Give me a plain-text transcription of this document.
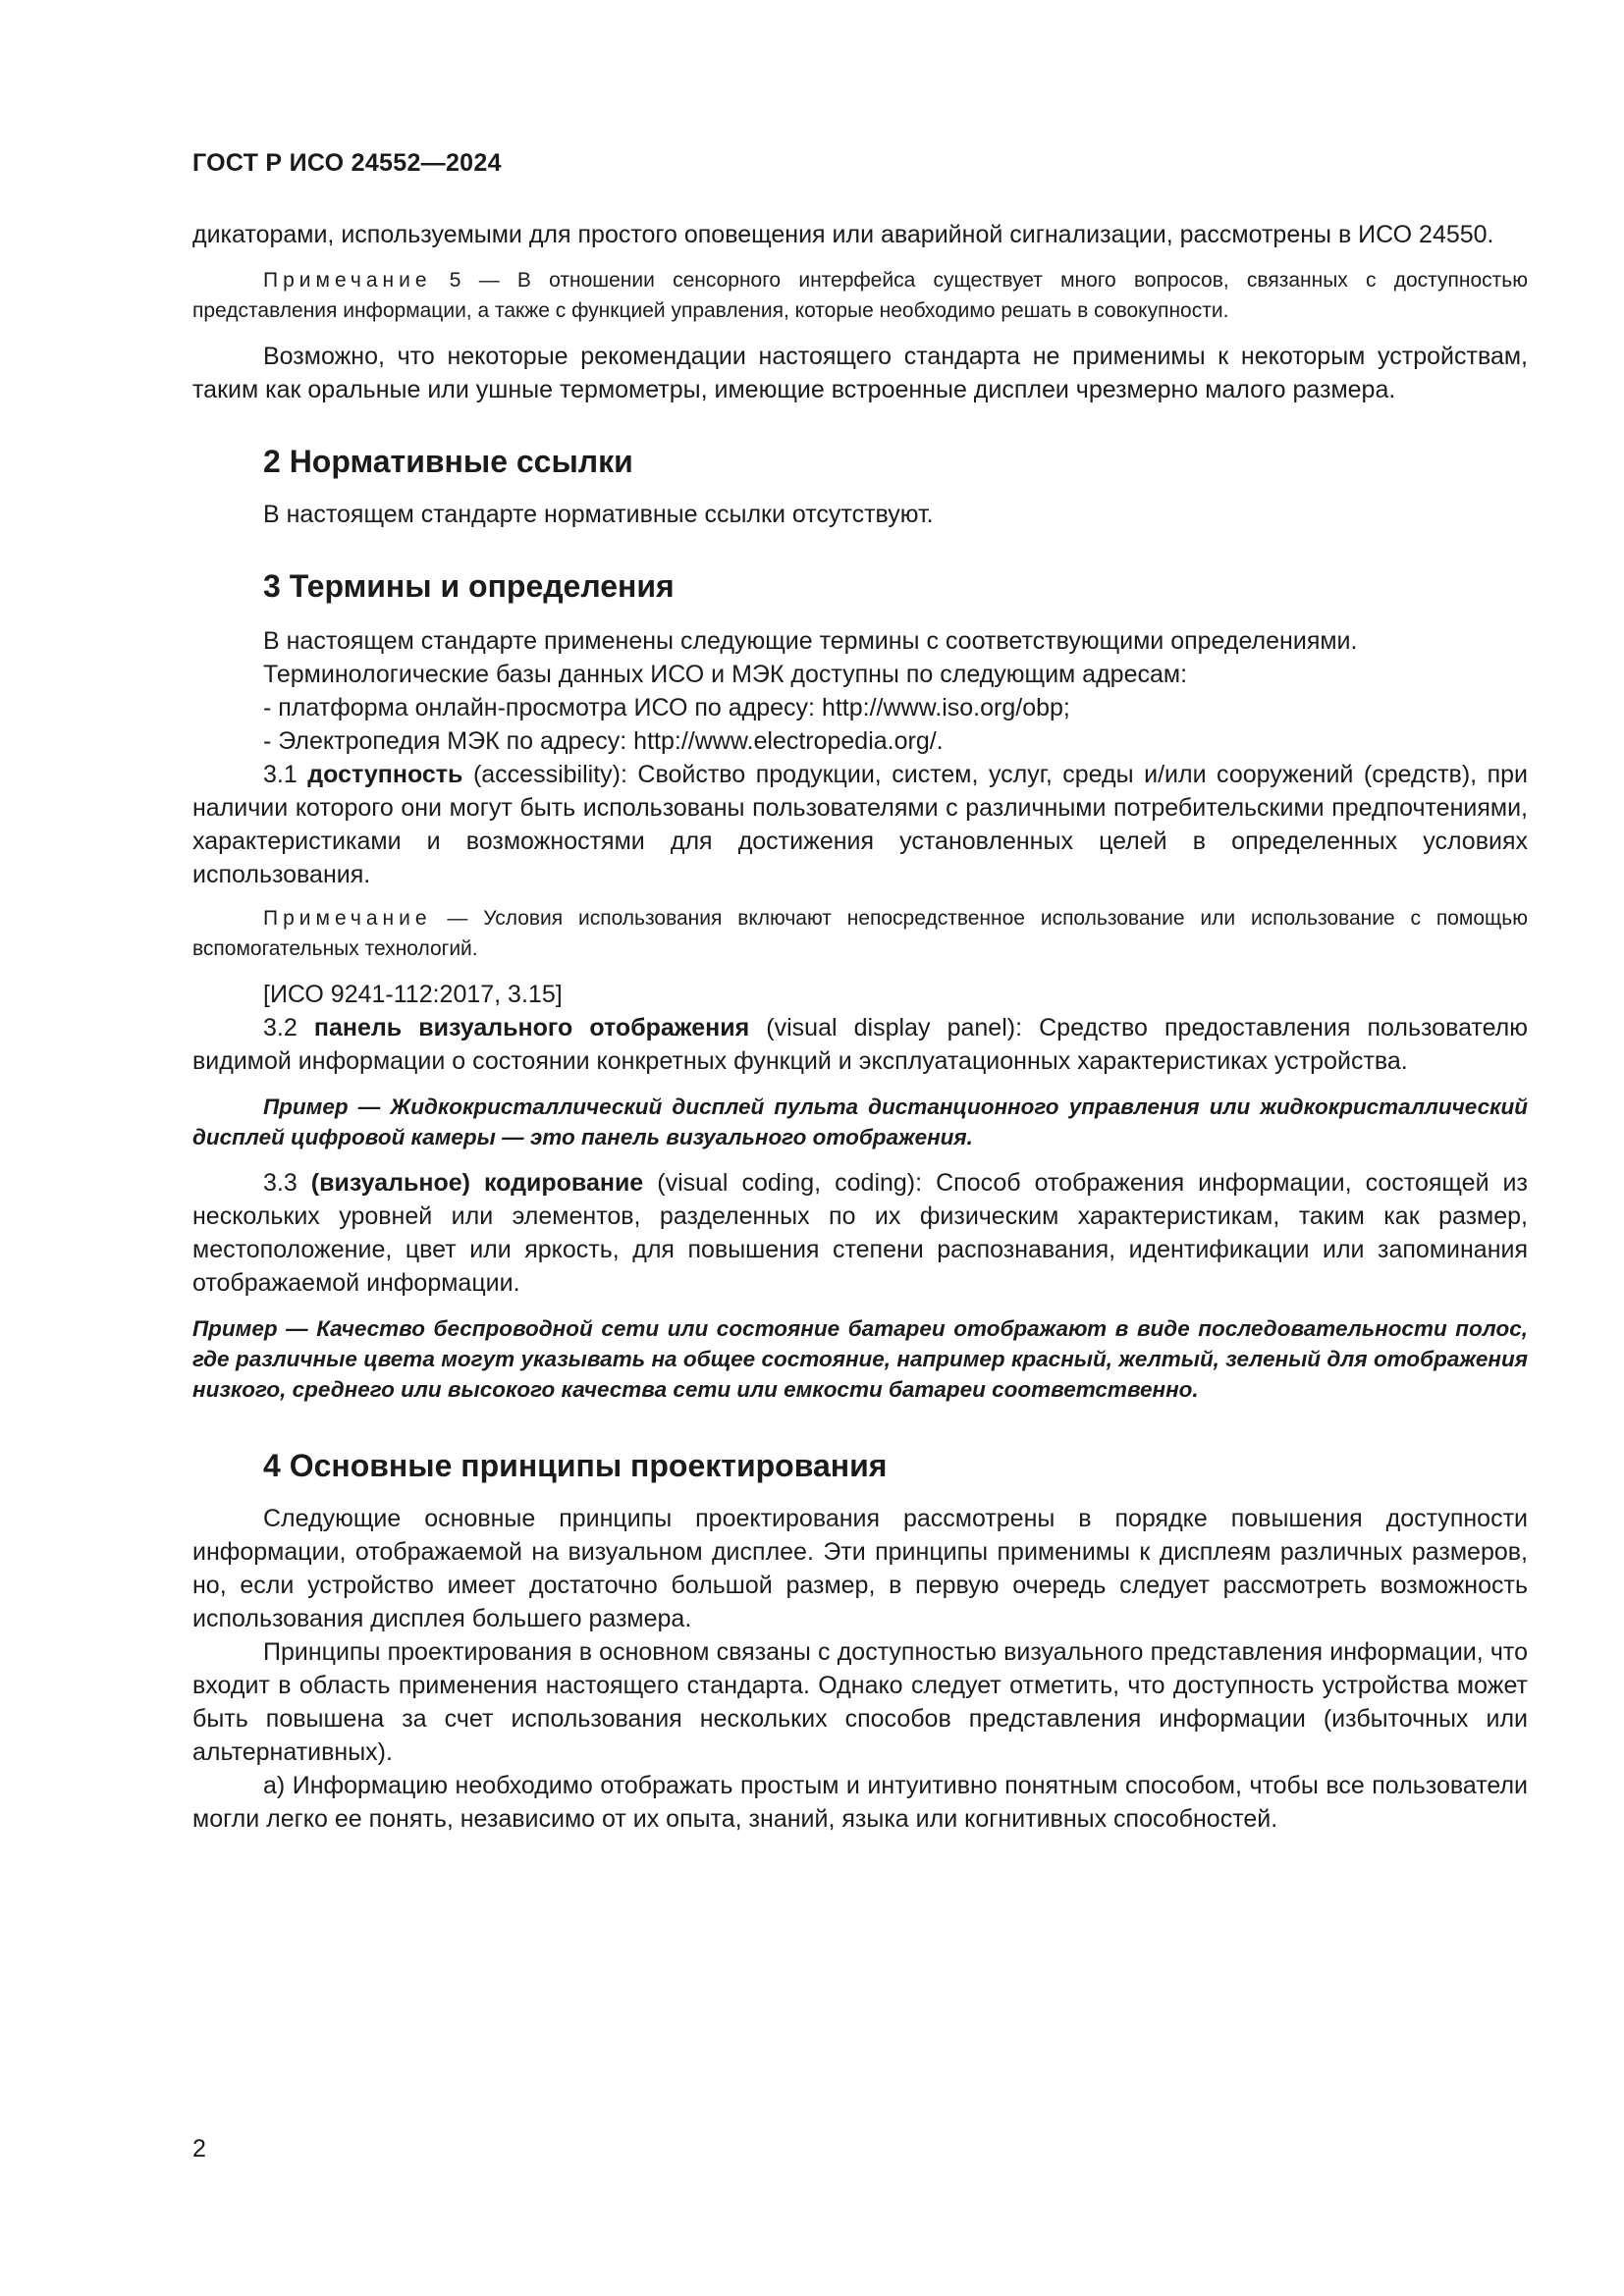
ГОСТ Р ИСО 24552—2024

дикаторами, используемыми для простого оповещения или аварийной сигнализации, рассмотрены в ИСО 24550.

Примечание 5 — В отношении сенсорного интерфейса существует много вопросов, связанных с доступностью представления информации, а также с функцией управления, которые необходимо решать в совокупности.

Возможно, что некоторые рекомендации настоящего стандарта не применимы к некоторым устройствам, таким как оральные или ушные термометры, имеющие встроенные дисплеи чрезмерно малого размера.

2 Нормативные ссылки

В настоящем стандарте нормативные ссылки отсутствуют.

3 Термины и определения

В настоящем стандарте применены следующие термины с соответствующими определениями.

Терминологические базы данных ИСО и МЭК доступны по следующим адресам:

- платформа онлайн-просмотра ИСО по адресу: http://www.iso.org/obp;

- Электропедия МЭК по адресу: http://www.electropedia.org/.

3.1 доступность (accessibility): Свойство продукции, систем, услуг, среды и/или сооружений (средств), при наличии которого они могут быть использованы пользователями с различными потребительскими предпочтениями, характеристиками и возможностями для достижения установленных целей в определенных условиях использования.

Примечание — Условия использования включают непосредственное использование или использование с помощью вспомогательных технологий.

[ИСО 9241-112:2017, 3.15]

3.2 панель визуального отображения (visual display panel): Средство предоставления пользователю видимой информации о состоянии конкретных функций и эксплуатационных характеристиках устройства.

Пример — Жидкокристаллический дисплей пульта дистанционного управления или жидкокристаллический дисплей цифровой камеры — это панель визуального отображения.

3.3 (визуальное) кодирование (visual coding, coding): Способ отображения информации, состоящей из нескольких уровней или элементов, разделенных по их физическим характеристикам, таким как размер, местоположение, цвет или яркость, для повышения степени распознавания, идентификации или запоминания отображаемой информации.

Пример — Качество беспроводной сети или состояние батареи отображают в виде последовательности полос, где различные цвета могут указывать на общее состояние, например красный, желтый, зеленый для отображения низкого, среднего или высокого качества сети или емкости батареи соответственно.

4 Основные принципы проектирования

Следующие основные принципы проектирования рассмотрены в порядке повышения доступности информации, отображаемой на визуальном дисплее. Эти принципы применимы к дисплеям различных размеров, но, если устройство имеет достаточно большой размер, в первую очередь следует рассмотреть возможность использования дисплея большего размера.

Принципы проектирования в основном связаны с доступностью визуального представления информации, что входит в область применения настоящего стандарта. Однако следует отметить, что доступность устройства может быть повышена за счет использования нескольких способов представления информации (избыточных или альтернативных).

а) Информацию необходимо отображать простым и интуитивно понятным способом, чтобы все пользователи могли легко ее понять, независимо от их опыта, знаний, языка или когнитивных способностей.

2
